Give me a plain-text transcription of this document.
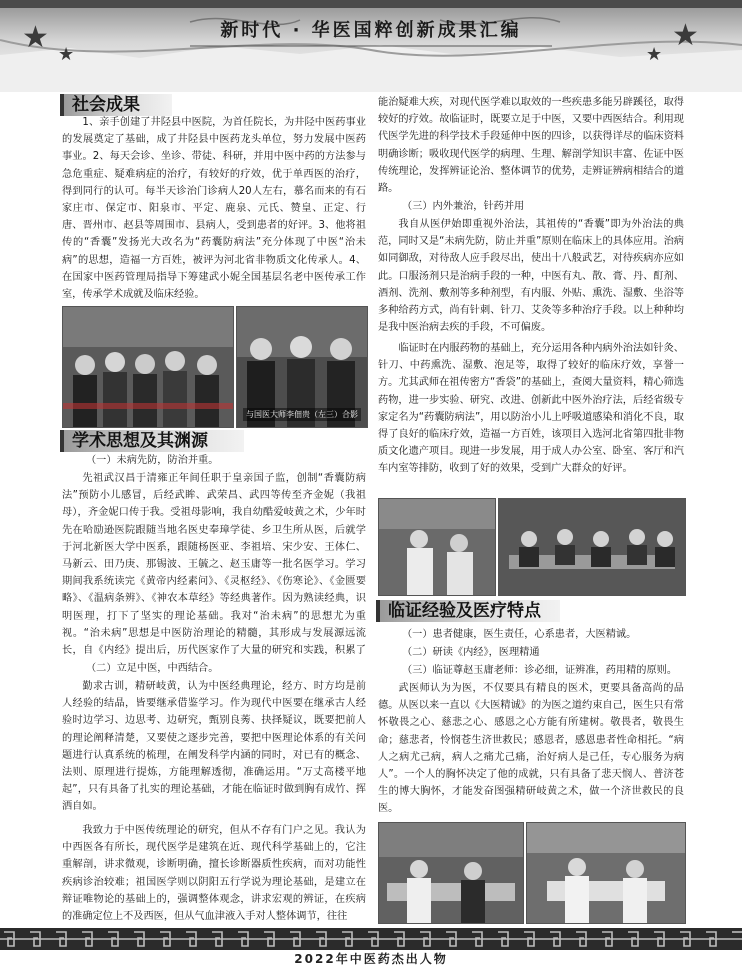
★ ★
★
★
新时代 · 华医国粹创新成果汇编
社会成果

1、亲手创建了井陉县中医院，为首任院长，为井陉中医药事业的发展奠定了基础，成了井陉县中医药龙头单位，努力发展中医药事业。2、每天会诊、坐诊、带徒、科研，并用中医中药的方法参与急危重症、疑难病症的治疗，有较好的疗效，优于单西医的治疗，得到同行的认可。每半天诊治门诊病人20人左右，慕名而来的有石家庄市、保定市、阳泉市、平定、鹿泉、元氏、赞皇、正定、行唐、晋州市、赵县等周围市、县病人，受到患者的好评。3、他将祖传的“香囊”发扬光大改名为“药囊防病法”充分体现了中医“治未病”的思想，造福一方百姓，被评为河北省非物质文化传承人。4、在国家中医药管理局指导下筹建武小妮全国基层名老中医传承工作室，传承学术成就及临床经验。

与国医大师李佃贵（左三）合影
学术思想及其渊源

（一）未病先防，防治并重。

先祖武汉昌于清雍正年间任职于皇亲国子监，创制“香囊防病法”预防小儿感冒，后经武眸、武荣昌、武四等传至齐金妮（我祖母），齐金妮口传于我。受祖母影响，我自幼酷爱岐黄之术，少年时先在哈励逊医院跟随当地名医史奉璋学徒、乡卫生所从医，后就学于河北新医大学中医系，跟随杨医亚、李祖培、宋少安、王体仁、马新云、田乃庚、那锡波、王毓之、赵玉庸等一批名医学习。学习期间我系统读完《黄帝内经素问》、《灵枢经》、《伤寒论》、《金匮要略》、《温病条辨》、《神农本草经》等经典著作。因为熟读经典，识明医理，打下了坚实的理论基础。我对“治未病”的思想尤为重视。“治未病”思想是中医防治理论的精髓，其形成与发展源远流长，自《内经》提出后，历代医家作了大量的研究和实践，积累了

（二）立足中医，中西结合。

勤求古训，精研岐黄，认为中医经典理论，经方、时方均是前人经验的结晶，皆要继承借鉴学习。作为现代中医要在继承古人经验时边学习、边思考、边研究，甄别良莠、抉择疑议，既要把前人的理论阐释清楚，又要使之逐步完善，要把中医理论体系的有关问题进行认真系统的梳理，在阐发科学内涵的同时，对已有的概念、法则、原理进行提炼，方能理解透彻，准确运用。“万丈高楼平地起”，只有具备了扎实的理论基础，才能在临证时做到胸有成竹、挥洒自如。

我致力于中医传统理论的研究，但从不存有门户之见。我认为中西医各有所长，现代医学是建筑在近、现代科学基础上的，它注重解剖，讲求微观，诊断明确，擅长诊断器质性疾病，而对功能性疾病诊治较难；祖国医学则以阴阳五行学说为理论基础，是建立在辩证唯物论的基础上的，强调整体观念，讲求宏观的辨证，在疾病的准确定位上不及西医，但从气血津液入手对人整体调节，往往

能治疑难大疾，对现代医学难以取效的一些疾患多能另辟蹊径，取得较好的疗效。故临证时，既要立足于中医，又要中西医结合。利用现代医学先进的科学技术手段延伸中医的四诊，以获得详尽的临床资料明确诊断；吸收现代医学的病理、生理、解剖学知识丰富、佐证中医传统理论，发挥辨证论治、整体调节的优势，走辨证辨病相结合的道路。

（三）内外兼治，针药并用

我自从医伊始即重视外治法，其祖传的“香囊”即为外治法的典范，同时又是“未病先防，防止并重”原则在临床上的具体应用。治病如同御敌，对待敌人应手段尽出，使出十八般武艺，对待疾病亦应如此。口服汤剂只是治病手段的一种，中医有丸、散、膏、丹、酊剂、酒剂、洗剂、敷剂等多种剂型，有内服、外贴、熏洗、湿敷、坐浴等多种给药方式，尚有针刺、针刀、艾灸等多种治疗手段。以上种种均是我中医治病去疾的手段，不可偏废。

临证时在内服药物的基础上，充分运用各种内病外治法如针灸、针刀、中药熏洗、湿敷、泡足等，取得了较好的临床疗效，享誉一方。尤其武师在祖传密方“香袋”的基础上，查阅大量资料，精心筛选药物，进一步实验、研究、改进、创新此中医外治疗法，后经省级专家定名为“药囊防病法”，用以防治小儿上呼吸道感染和消化不良，取得了良好的临床疗效，造福一方百姓，该项目入选河北省第四批非物质文化遗产项目。现进一步发展，用于成人办公室、卧室、客厅和汽车内室等排防，收到了好的效果，受到广大群众的好评。

临证经验及医疗特点

（一）患者健康，医生责任，心系患者，大医精诚。

（二）研读《内经》，医理精通

（三）临证尊赵玉庸老师：诊必细，证辨准，药用精的原则。

武医师认为为医，不仅要具有精良的医术，更要具备高尚的品德。从医以来一直以《大医精诚》的为医之道约束自己，医生只有常怀敬畏之心、慈悲之心、感恩之心方能有所建树。敬畏者，敬畏生命；慈悲者，怜悯苍生济世救民；感恩者，感恩患者性命相托。“病人之病尤己病，病人之痛尤己痛，治好病人是己任，专心服务为病人”。一个人的胸怀决定了他的成就，只有具备了悲天悯人、普济苍生的博大胸怀，才能发奋图强精研岐黄之术，做一个济世救民的良医。

2022年中医药杰出人物
